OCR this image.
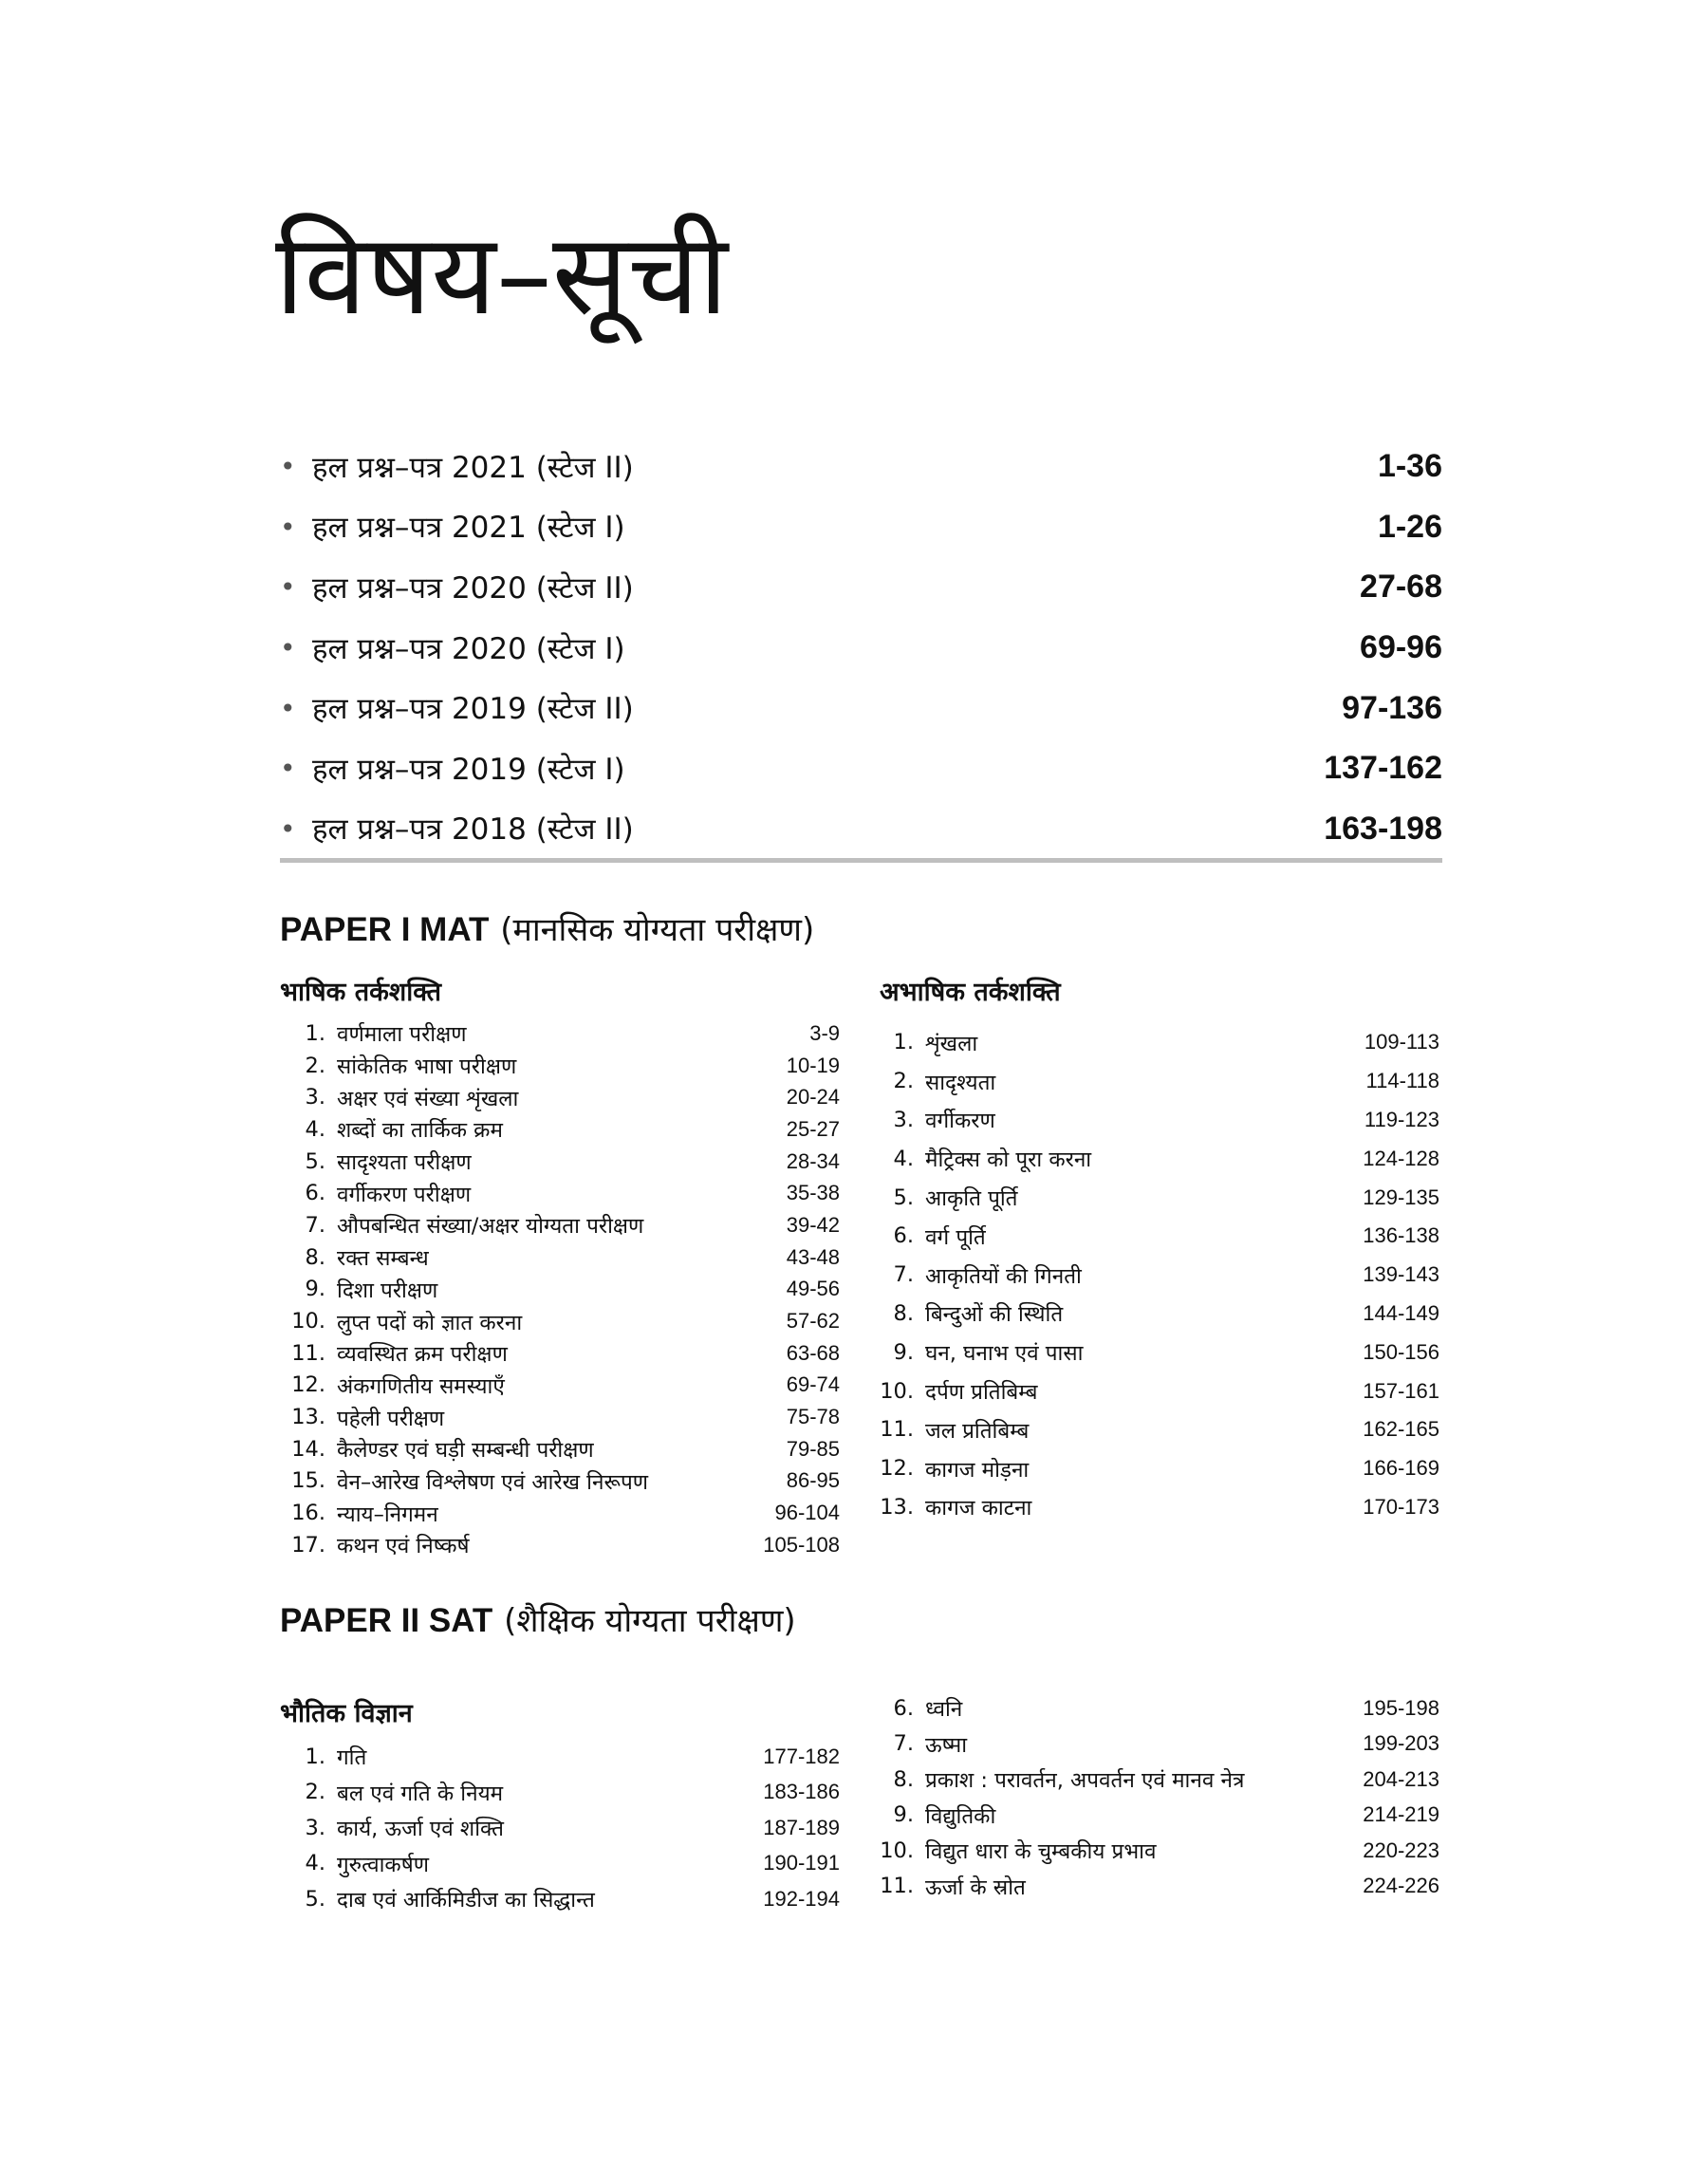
विषय–सूची
• हल प्रश्न–पत्र 2021 (स्टेज II)	1-36
• हल प्रश्न–पत्र 2021 (स्टेज I)	1-26
• हल प्रश्न–पत्र 2020 (स्टेज II)	27-68
• हल प्रश्न–पत्र 2020 (स्टेज I)	69-96
• हल प्रश्न–पत्र 2019 (स्टेज II)	97-136
• हल प्रश्न–पत्र 2019 (स्टेज I)	137-162
• हल प्रश्न–पत्र 2018 (स्टेज II)	163-198
PAPER I MAT (मानसिक योग्यता परीक्षण)
भाषिक तर्कशक्ति
1. वर्णमाला परीक्षण	3-9
2. सांकेतिक भाषा परीक्षण	10-19
3. अक्षर एवं संख्या शृंखला	20-24
4. शब्दों का तार्किक क्रम	25-27
5. सादृश्यता परीक्षण	28-34
6. वर्गीकरण परीक्षण	35-38
7. औपबन्धित संख्या/अक्षर योग्यता परीक्षण	39-42
8. रक्त सम्बन्ध	43-48
9. दिशा परीक्षण	49-56
10. लुप्त पदों को ज्ञात करना	57-62
11. व्यवस्थित क्रम परीक्षण	63-68
12. अंकगणितीय समस्याएँ	69-74
13. पहेली परीक्षण	75-78
14. कैलेण्डर एवं घड़ी सम्बन्धी परीक्षण	79-85
15. वेन–आरेख विश्लेषण एवं आरेख निरूपण	86-95
16. न्याय–निगमन	96-104
17. कथन एवं निष्कर्ष	105-108
अभाषिक तर्कशक्ति
1. शृंखला	109-113
2. सादृश्यता	114-118
3. वर्गीकरण	119-123
4. मैट्रिक्स को पूरा करना	124-128
5. आकृति पूर्ति	129-135
6. वर्ग पूर्ति	136-138
7. आकृतियों की गिनती	139-143
8. बिन्दुओं की स्थिति	144-149
9. घन, घनाभ एवं पासा	150-156
10. दर्पण प्रतिबिम्ब	157-161
11. जल प्रतिबिम्ब	162-165
12. कागज मोड़ना	166-169
13. कागज काटना	170-173
PAPER II SAT (शैक्षिक योग्यता परीक्षण)
भौतिक विज्ञान
1. गति	177-182
2. बल एवं गति के नियम	183-186
3. कार्य, ऊर्जा एवं शक्ति	187-189
4. गुरुत्वाकर्षण	190-191
5. दाब एवं आर्किमिडीज का सिद्धान्त	192-194
6. ध्वनि	195-198
7. ऊष्मा	199-203
8. प्रकाश : परावर्तन, अपवर्तन एवं मानव नेत्र	204-213
9. विद्युतिकी	214-219
10. विद्युत धारा के चुम्बकीय प्रभाव	220-223
11. ऊर्जा के स्रोत	224-226
